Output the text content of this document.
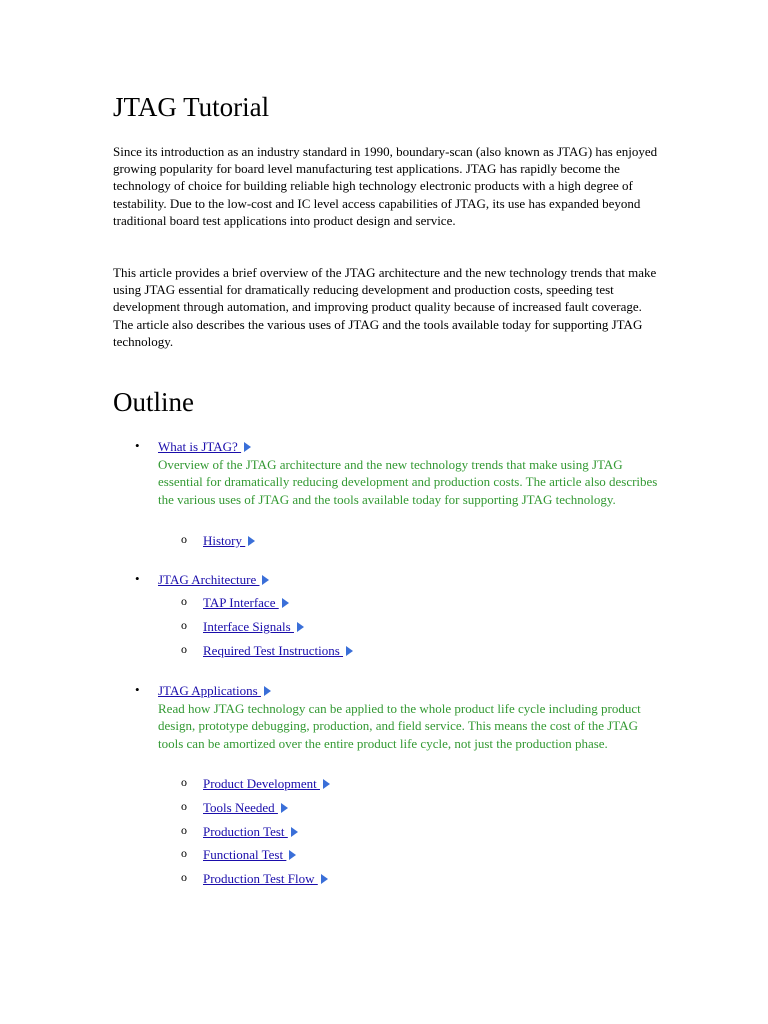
JTAG Tutorial

Since its introduction as an industry standard in 1990, boundary-scan (also known as JTAG) has enjoyed growing popularity for board level manufacturing test applications. JTAG has rapidly become the technology of choice for building reliable high technology electronic products with a high degree of testability. Due to the low-cost and IC level access capabilities of JTAG, its use has expanded beyond traditional board test applications into product design and service.

This article provides a brief overview of the JTAG architecture and the new technology trends that make using JTAG essential for dramatically reducing development and production costs, speeding test development through automation, and improving product quality because of increased fault coverage. The article also describes the various uses of JTAG and the tools available today for supporting JTAG technology.

Outline
• What is JTAG?
Overview of the JTAG architecture and the new technology trends that make using JTAG essential for dramatically reducing development and production costs. The article also describes the various uses of JTAG and the tools available today for supporting JTAG technology.
o History
• JTAG Architecture
o TAP Interface
o Interface Signals
o Required Test Instructions
• JTAG Applications
Read how JTAG technology can be applied to the whole product life cycle including product design, prototype debugging, production, and field service. This means the cost of the JTAG tools can be amortized over the entire product life cycle, not just the production phase.
o Product Development
o Tools Needed
o Production Test
o Functional Test
o Production Test Flow
